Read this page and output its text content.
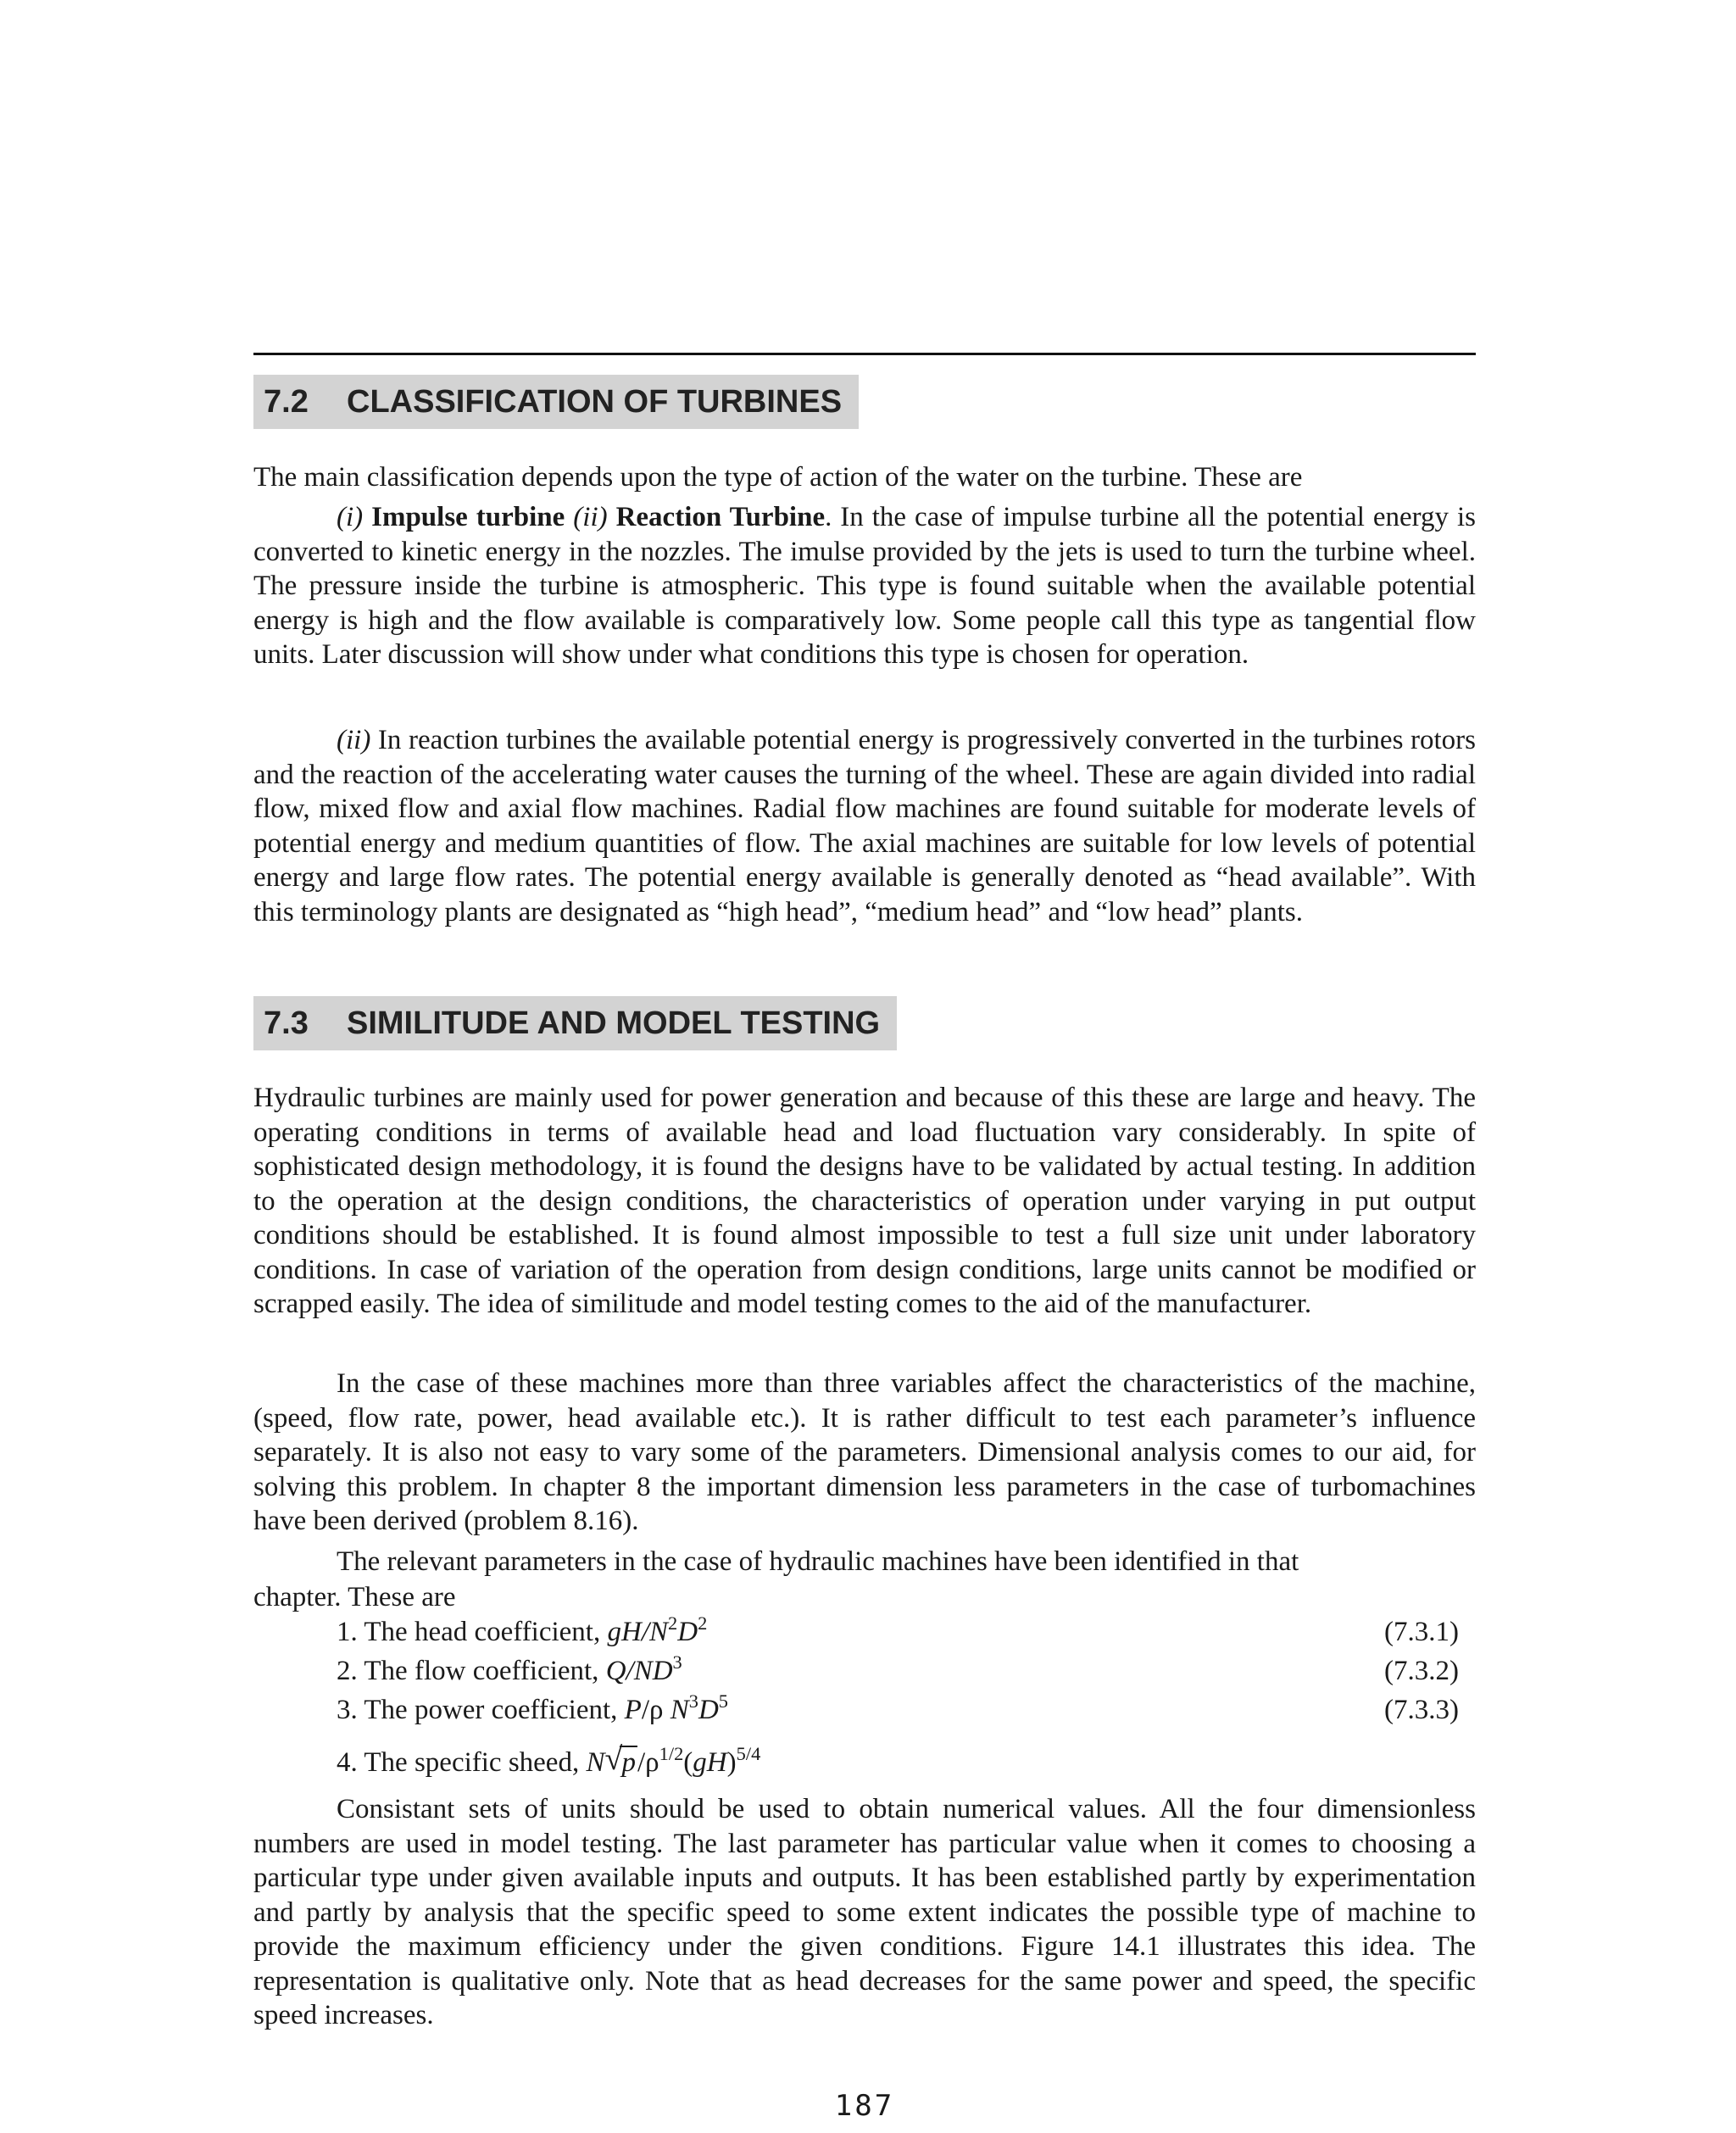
7.2 CLASSIFICATION OF TURBINES
The main classification depends upon the type of action of the water on the turbine. These are
(i) Impulse turbine (ii) Reaction Turbine. In the case of impulse turbine all the potential energy is converted to kinetic energy in the nozzles. The imulse provided by the jets is used to turn the turbine wheel. The pressure inside the turbine is atmospheric. This type is found suitable when the available potential energy is high and the flow available is comparatively low. Some people call this type as tangential flow units. Later discussion will show under what conditions this type is chosen for operation.
(ii) In reaction turbines the available potential energy is progressively converted in the turbines rotors and the reaction of the accelerating water causes the turning of the wheel. These are again divided into radial flow, mixed flow and axial flow machines. Radial flow machines are found suitable for moderate levels of potential energy and medium quantities of flow. The axial machines are suitable for low levels of potential energy and large flow rates. The potential energy available is generally denoted as “head available”. With this terminology plants are designated as “high head”, “medium head” and “low head” plants.
7.3 SIMILITUDE AND MODEL TESTING
Hydraulic turbines are mainly used for power generation and because of this these are large and heavy. The operating conditions in terms of available head and load fluctuation vary considerably. In spite of sophisticated design methodology, it is found the designs have to be validated by actual testing. In addition to the operation at the design conditions, the characteristics of operation under varying in put output conditions should be established. It is found almost impossible to test a full size unit under laboratory conditions. In case of variation of the operation from design conditions, large units cannot be modified or scrapped easily. The idea of similitude and model testing comes to the aid of the manufacturer.
In the case of these machines more than three variables affect the characteristics of the machine, (speed, flow rate, power, head available etc.). It is rather difficult to test each parameter’s influence separately. It is also not easy to vary some of the parameters. Dimensional analysis comes to our aid, for solving this problem. In chapter 8 the important dimension less parameters in the case of turbomachines have been derived (problem 8.16).
The relevant parameters in the case of hydraulic machines have been identified in that
chapter. These are
1. The head coefficient, $gH/N^2D^2$	(7.3.1)
2. The flow coefficient, $Q/ND^3$	(7.3.2)
3. The power coefficient, P/ρ $N^3D^5$	(7.3.3)
4. The specific sheed, N√ $p/\rho^{1/2}(gH)^{5/4}$
Consistant sets of units should be used to obtain numerical values. All the four dimensionless numbers are used in model testing. The last parameter has particular value when it comes to choosing a particular type under given available inputs and outputs. It has been established partly by experimentation and partly by analysis that the specific speed to some extent indicates the possible type of machine to provide the maximum efficiency under the given conditions. Figure 14.1 illustrates this idea. The representation is qualitative only. Note that as head decreases for the same power and speed, the specific speed increases.
187
